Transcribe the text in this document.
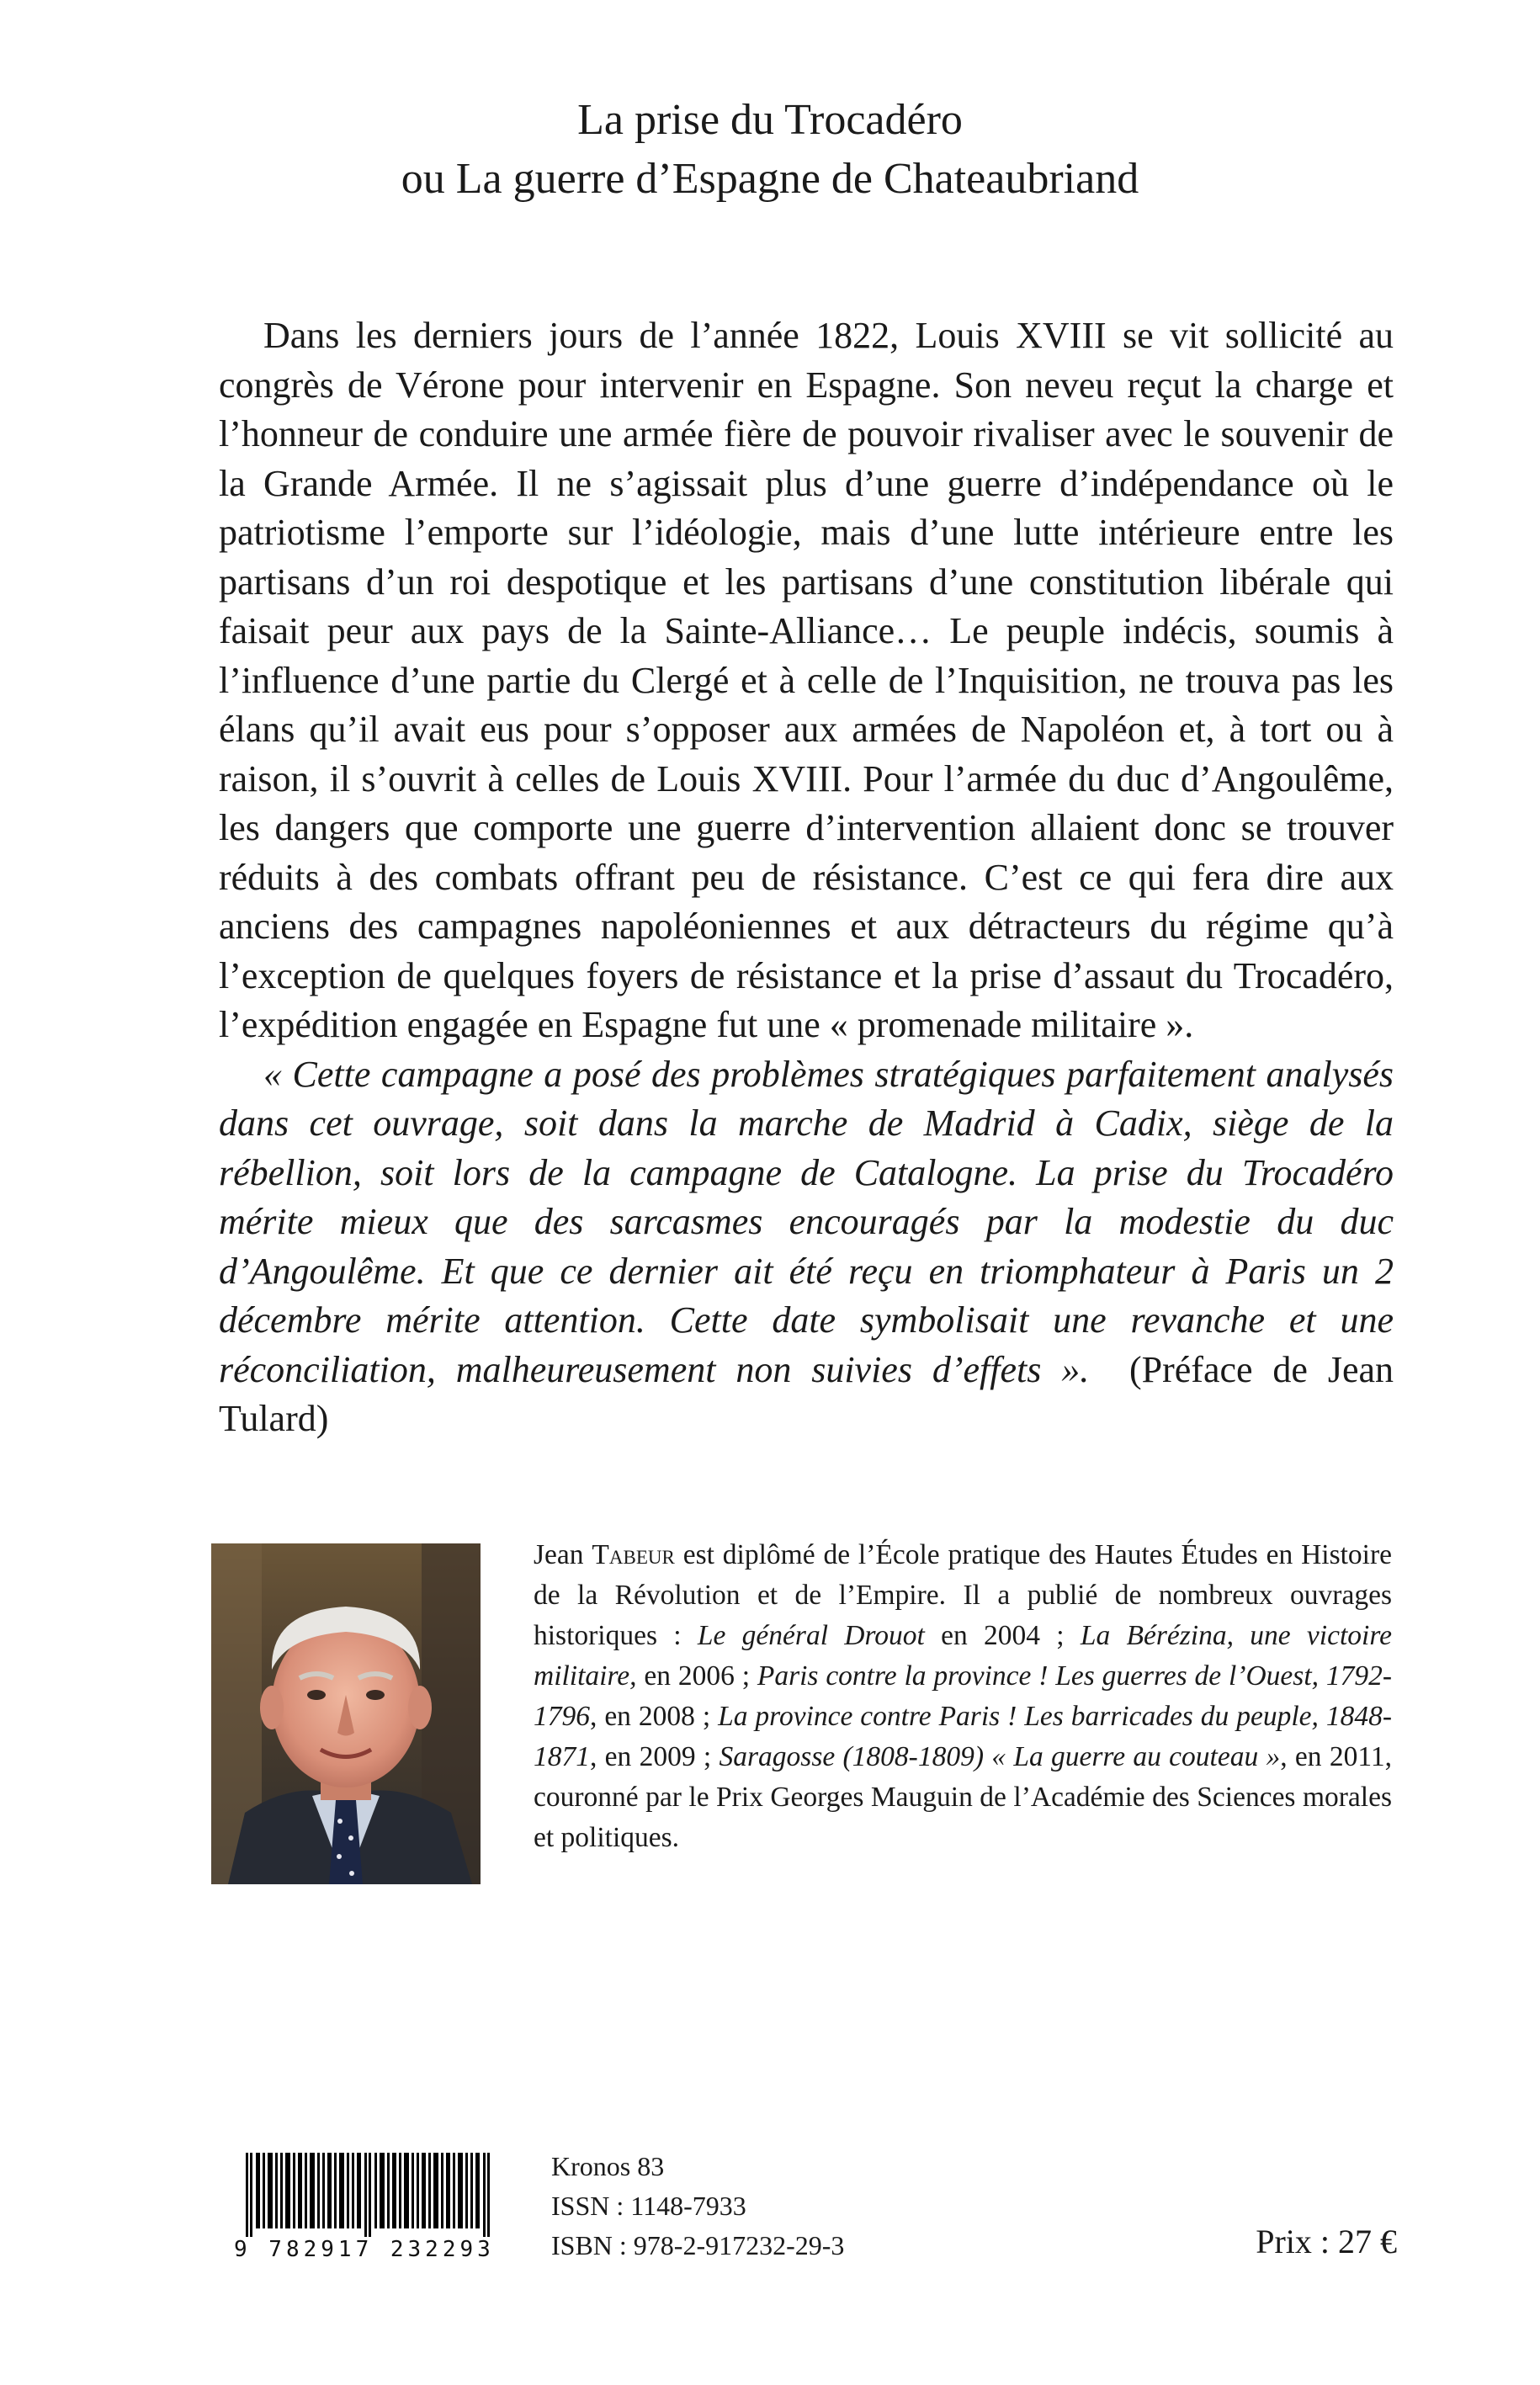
La prise du Trocadéro
ou La guerre d’Espagne de Chateaubriand

Dans les derniers jours de l’année 1822, Louis XVIII se vit sollicité au congrès de Vérone pour intervenir en Espagne. Son neveu reçut la charge et l’honneur de conduire une armée fière de pouvoir rivaliser avec le souvenir de la Grande Armée. Il ne s’agissait plus d’une guerre d’indépendance où le patriotisme l’emporte sur l’idéologie, mais d’une lutte intérieure entre les partisans d’un roi despotique et les partisans d’une constitution libérale qui faisait peur aux pays de la Sainte-Alliance… Le peuple indécis, soumis à l’influence d’une partie du Clergé et à celle de l’Inquisition, ne trouva pas les élans qu’il avait eus pour s’opposer aux armées de Napoléon et, à tort ou à raison, il s’ouvrit à celles de Louis XVIII. Pour l’armée du duc d’Angoulême, les dangers que comporte une guerre d’intervention allaient donc se trouver réduits à des combats offrant peu de résistance. C’est ce qui fera dire aux anciens des campagnes napoléoniennes et aux détracteurs du régime qu’à l’exception de quelques foyers de résistance et la prise d’assaut du Trocadéro, l’expédition engagée en Espagne fut une « promenade militaire ».

« Cette campagne a posé des problèmes stratégiques parfaitement analysés dans cet ouvrage, soit dans la marche de Madrid à Cadix, siège de la rébellion, soit lors de la campagne de Catalogne. La prise du Trocadéro mérite mieux que des sarcasmes encouragés par la modestie du duc d’Angoulême. Et que ce dernier ait été reçu en triomphateur à Paris un 2 décembre mérite attention. Cette date symbolisait une revanche et une réconciliation, malheureusement non suivies d’effets ». (Préface de Jean Tulard)

Jean Tabeur est diplômé de l’École pratique des Hautes Études en Histoire de la Révolution et de l’Empire. Il a publié de nombreux ouvrages historiques : Le général Drouot en 2004 ; La Bérézina, une victoire militaire, en 2006 ; Paris contre la province ! Les guerres de l’Ouest, 1792-1796, en 2008 ; La province contre Paris ! Les barricades du peuple, 1848-1871, en 2009 ; Saragosse (1808-1809) « La guerre au couteau », en 2011, couronné par le Prix Georges Mauguin de l’Académie des Sciences morales et politiques.
9 782917 232293
Kronos 83
ISSN : 1148-7933
ISBN : 978-2-917232-29-3	Prix : 27 €
